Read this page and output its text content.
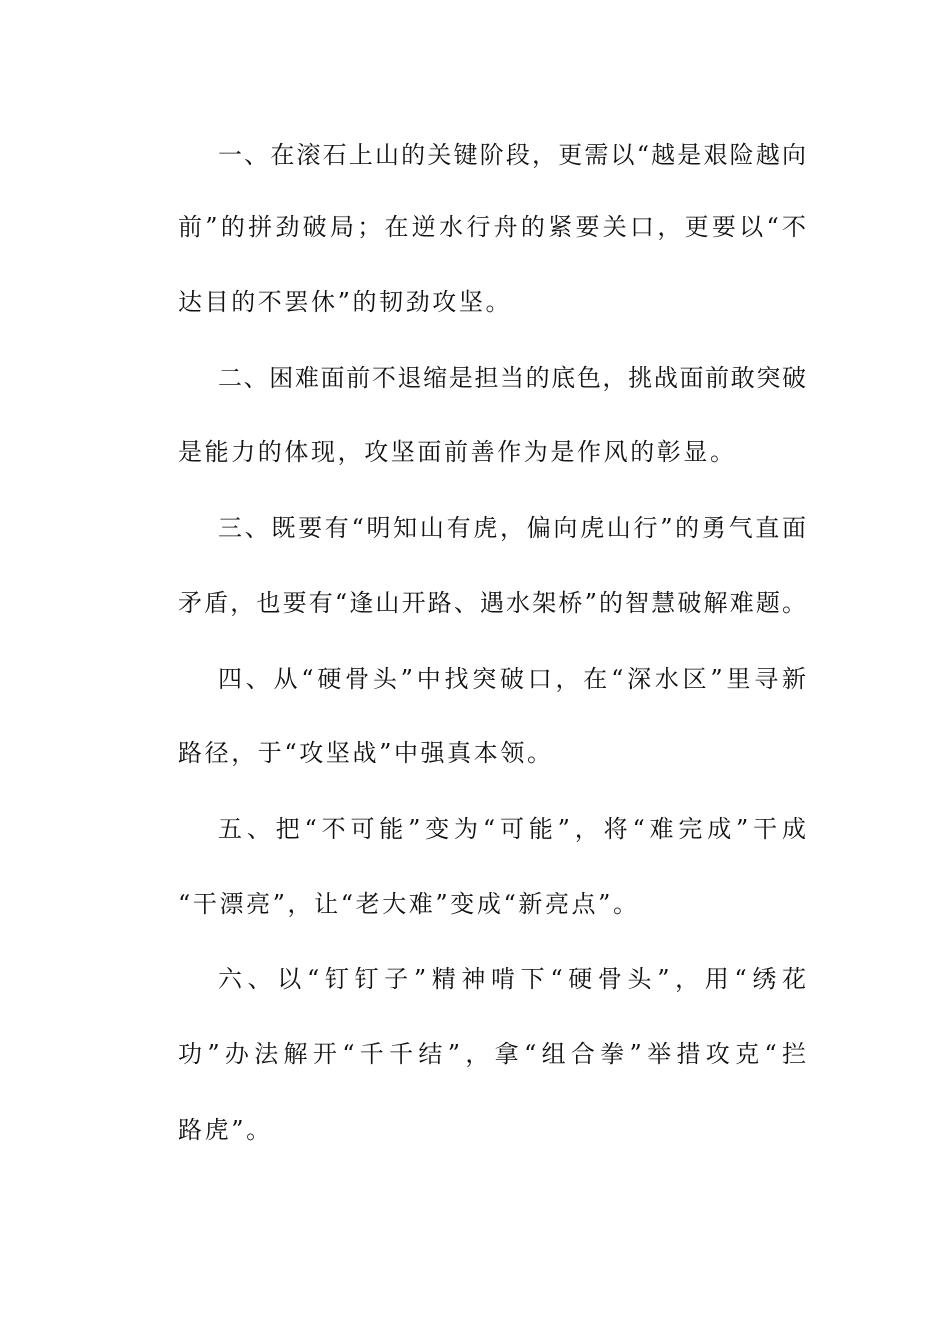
一、在滚石上山的关键阶段，更需以“越是艰险越向
前”的拼劲破局；在逆水行舟的紧要关口，更要以“不
达目的不罢休”的韧劲攻坚。
二、困难面前不退缩是担当的底色，挑战面前敢突破
是能力的体现，攻坚面前善作为是作风的彰显。
三、既要有“明知山有虎，偏向虎山行”的勇气直面
矛盾，也要有“逢山开路、遇水架桥”的智慧破解难题。
四、从“硬骨头”中找突破口，在“深水区”里寻新
路径，于“攻坚战”中强真本领。
五、把“不可能”变为“可能”，将“难完成”干成
“干漂亮”，让“老大难”变成“新亮点”。
六、以“钉钉子”精神啃下“硬骨头”，用“绣花
功”办法解开“千千结”，拿“组合拳”举措攻克“拦
路虎”。
